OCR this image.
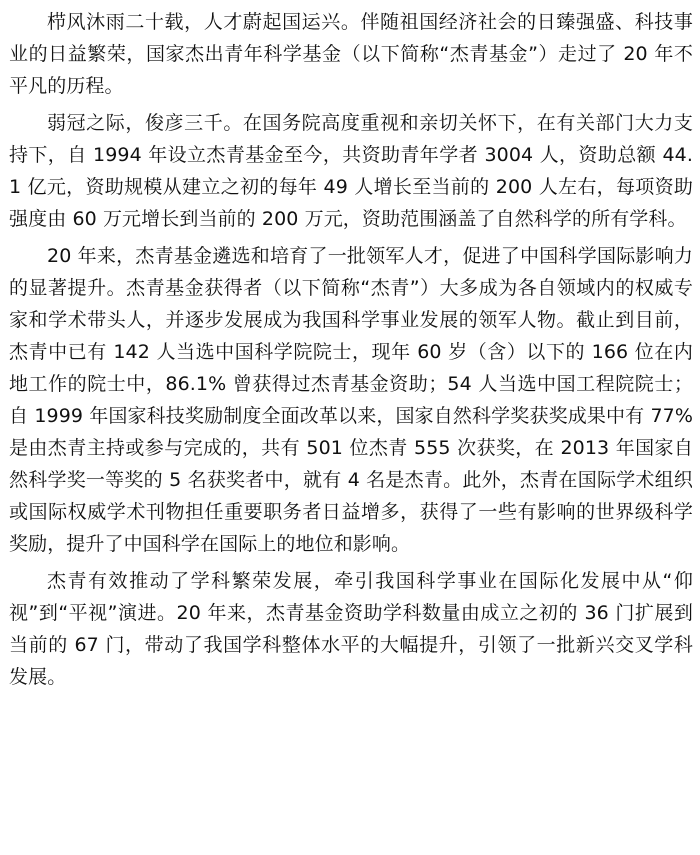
栉风沐雨二十载，人才蔚起国运兴。伴随祖国经济社会的日臻强盛、科技事业的日益繁荣，国家杰出青年科学基金（以下简称“杰青基金”）走过了 20 年不平凡的历程。

弱冠之际，俊彦三千。在国务院高度重视和亲切关怀下，在有关部门大力支持下，自 1994 年设立杰青基金至今，共资助青年学者 3004 人，资助总额 44.1 亿元，资助规模从建立之初的每年 49 人增长至当前的 200 人左右，每项资助强度由 60 万元增长到当前的 200 万元，资助范围涵盖了自然科学的所有学科。

20 年来，杰青基金遴选和培育了一批领军人才，促进了中国科学国际影响力的显著提升。杰青基金获得者（以下简称“杰青”）大多成为各自领域内的权威专家和学术带头人，并逐步发展成为我国科学事业发展的领军人物。截止到目前，杰青中已有 142 人当选中国科学院院士，现年 60 岁（含）以下的 166 位在内地工作的院士中，86.1% 曾获得过杰青基金资助；54 人当选中国工程院院士；自 1999 年国家科技奖励制度全面改革以来，国家自然科学奖获奖成果中有 77% 是由杰青主持或参与完成的，共有 501 位杰青 555 次获奖，在 2013 年国家自然科学奖一等奖的 5 名获奖者中，就有 4 名是杰青。此外，杰青在国际学术组织或国际权威学术刊物担任重要职务者日益增多，获得了一些有影响的世界级科学奖励，提升了中国科学在国际上的地位和影响。

杰青有效推动了学科繁荣发展，牵引我国科学事业在国际化发展中从“仰视”到“平视”演进。20 年来，杰青基金资助学科数量由成立之初的 36 门扩展到当前的 67 门，带动了我国学科整体水平的大幅提升，引领了一批新兴交叉学科发展。
